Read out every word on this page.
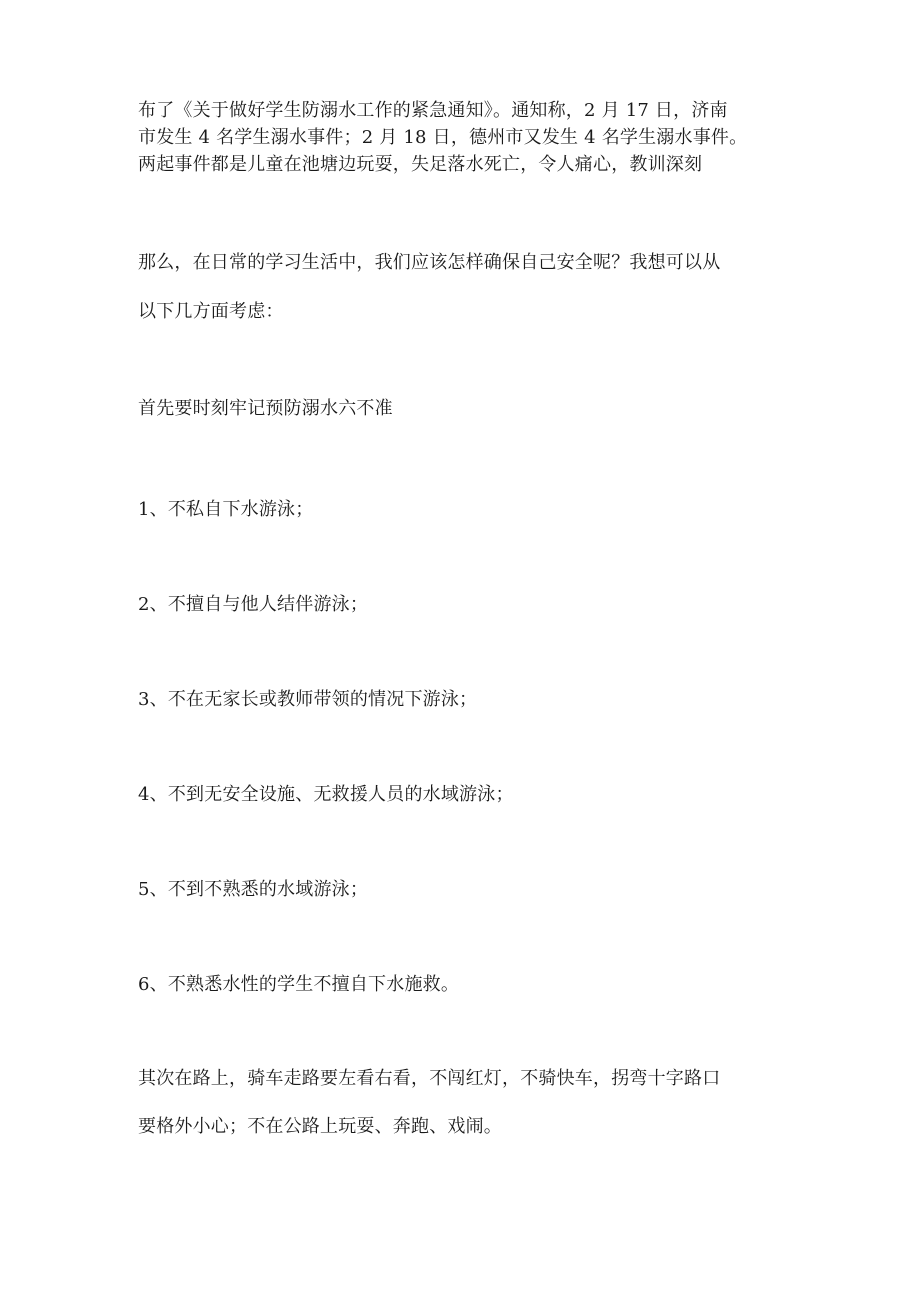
布了《关于做好学生防溺水工作的紧急通知》。通知称，2 月 17 日，济南
市发生 4 名学生溺水事件；2 月 18 日，德州市又发生 4 名学生溺水事件。
两起事件都是儿童在池塘边玩耍，失足落水死亡，令人痛心，教训深刻
那么，在日常的学习生活中，我们应该怎样确保自己安全呢？我想可以从
以下几方面考虑：
首先要时刻牢记预防溺水六不准
1、不私自下水游泳；
2、不擅自与他人结伴游泳；
3、不在无家长或教师带领的情况下游泳；
4、不到无安全设施、无救援人员的水域游泳；
5、不到不熟悉的水域游泳；
6、不熟悉水性的学生不擅自下水施救。
其次在路上，骑车走路要左看右看，不闯红灯，不骑快车，拐弯十字路口
要格外小心；不在公路上玩耍、奔跑、戏闹。
